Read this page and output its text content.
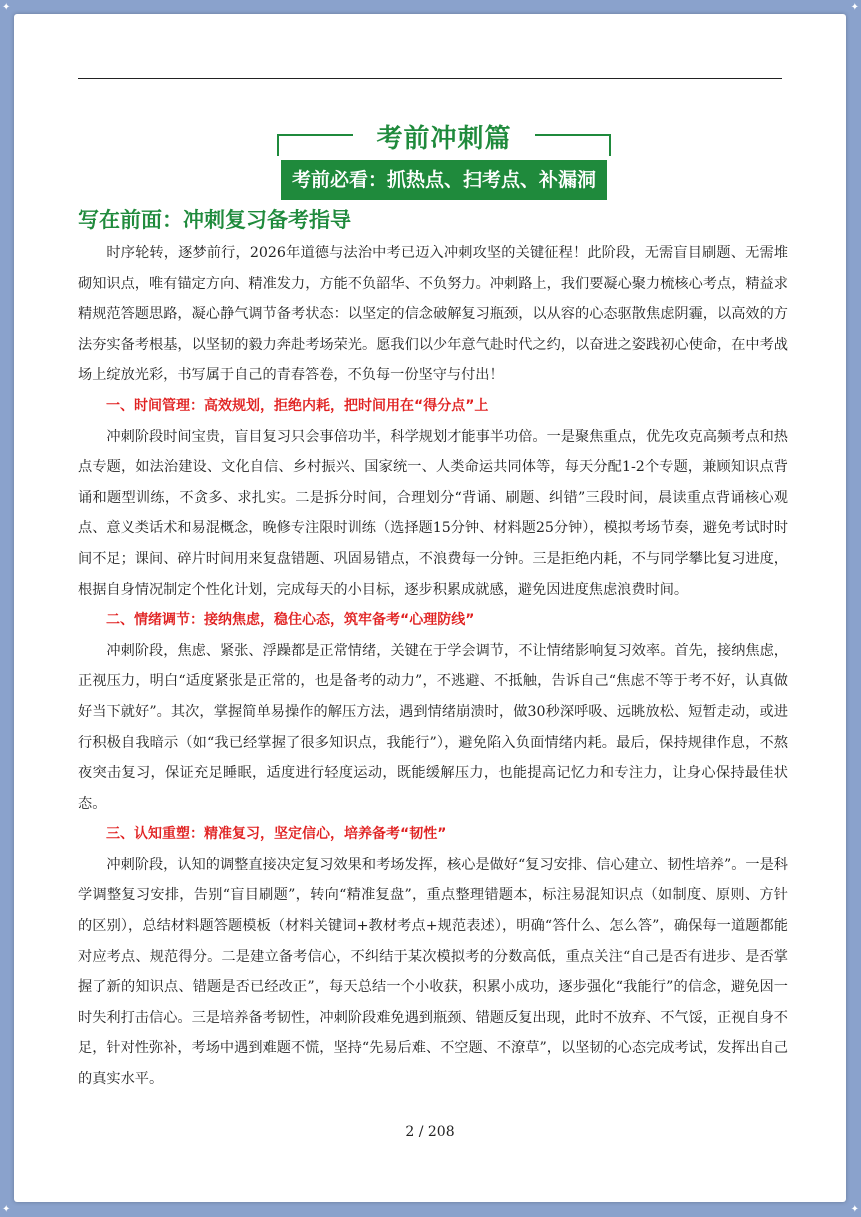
✦	✦
✦	✦
考前冲刺篇
考前必看：抓热点、扫考点、补漏洞
写在前面：冲刺复习备考指导

时序轮转，逐梦前行，2026年道德与法治中考已迈入冲刺攻坚的关键征程！此阶段，无需盲目刷题、无需堆砌知识点，唯有锚定方向、精准发力，方能不负韶华、不负努力。冲刺路上，我们要凝心聚力梳核心考点，精益求精规范答题思路，凝心静气调节备考状态：以坚定的信念破解复习瓶颈，以从容的心态驱散焦虑阴霾，以高效的方法夯实备考根基，以坚韧的毅力奔赴考场荣光。愿我们以少年意气赴时代之约，以奋进之姿践初心使命，在中考战场上绽放光彩，书写属于自己的青春答卷，不负每一份坚守与付出！

一、时间管理：高效规划，拒绝内耗，把时间用在“得分点”上

冲刺阶段时间宝贵，盲目复习只会事倍功半，科学规划才能事半功倍。一是聚焦重点，优先攻克高频考点和热点专题，如法治建设、文化自信、乡村振兴、国家统一、人类命运共同体等，每天分配1-2个专题，兼顾知识点背诵和题型训练，不贪多、求扎实。二是拆分时间，合理划分“背诵、刷题、纠错”三段时间，晨读重点背诵核心观点、意义类话术和易混概念，晚修专注限时训练（选择题15分钟、材料题25分钟），模拟考场节奏，避免考试时时间不足；课间、碎片时间用来复盘错题、巩固易错点，不浪费每一分钟。三是拒绝内耗，不与同学攀比复习进度，根据自身情况制定个性化计划，完成每天的小目标，逐步积累成就感，避免因进度焦虑浪费时间。

二、情绪调节：接纳焦虑，稳住心态，筑牢备考“心理防线”

冲刺阶段，焦虑、紧张、浮躁都是正常情绪，关键在于学会调节，不让情绪影响复习效率。首先，接纳焦虑，正视压力，明白“适度紧张是正常的，也是备考的动力”，不逃避、不抵触，告诉自己“焦虑不等于考不好，认真做好当下就好”。其次，掌握简单易操作的解压方法，遇到情绪崩溃时，做30秒深呼吸、远眺放松、短暂走动，或进行积极自我暗示（如“我已经掌握了很多知识点，我能行”），避免陷入负面情绪内耗。最后，保持规律作息，不熬夜突击复习，保证充足睡眠，适度进行轻度运动，既能缓解压力，也能提高记忆力和专注力，让身心保持最佳状态。

三、认知重塑：精准复习，坚定信心，培养备考“韧性”

冲刺阶段，认知的调整直接决定复习效果和考场发挥，核心是做好“复习安排、信心建立、韧性培养”。一是科学调整复习安排，告别“盲目刷题”，转向“精准复盘”，重点整理错题本，标注易混知识点（如制度、原则、方针的区别），总结材料题答题模板（材料关键词+教材考点+规范表述），明确“答什么、怎么答”，确保每一道题都能对应考点、规范得分。二是建立备考信心，不纠结于某次模拟考的分数高低，重点关注“自己是否有进步、是否掌握了新的知识点、错题是否已经改正”，每天总结一个小收获，积累小成功，逐步强化“我能行”的信念，避免因一时失利打击信心。三是培养备考韧性，冲刺阶段难免遇到瓶颈、错题反复出现，此时不放弃、不气馁，正视自身不足，针对性弥补，考场中遇到难题不慌，坚持“先易后难、不空题、不潦草”，以坚韧的心态完成考试，发挥出自己的真实水平。

2 / 208
